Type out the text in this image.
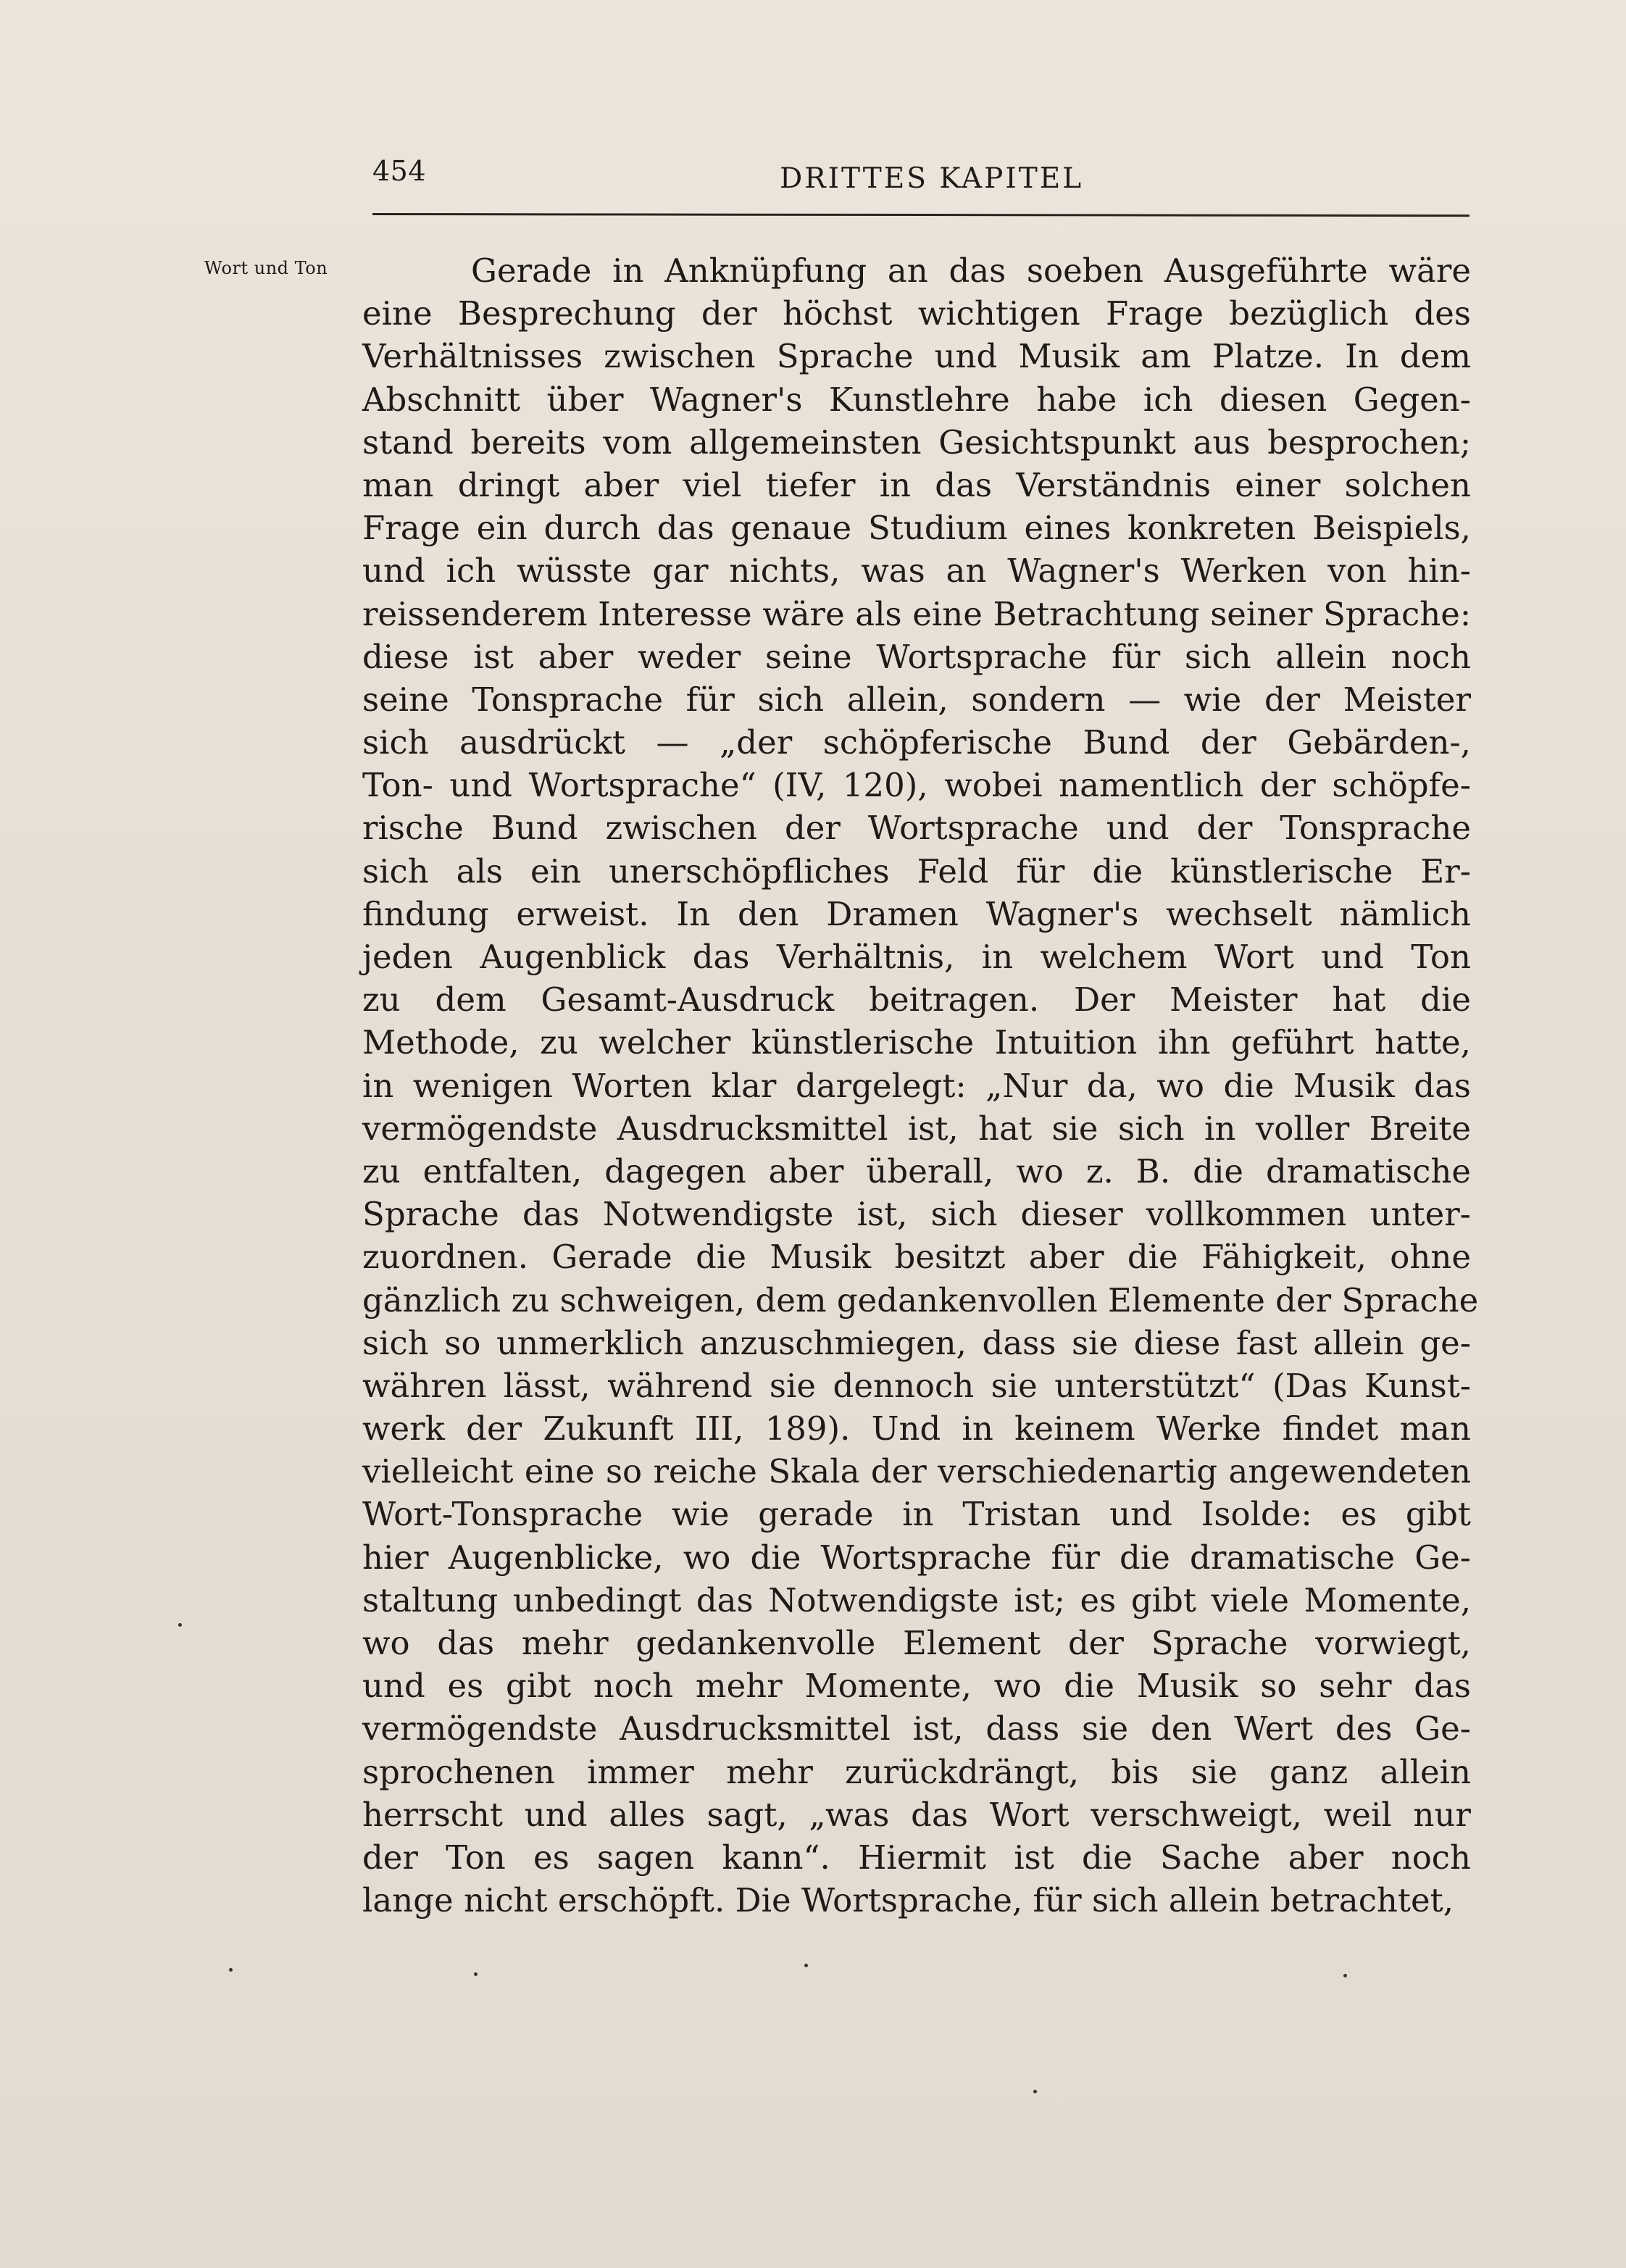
454	DRITTES KAPITEL
Wort und Ton	Gerade in Anknüpfung an das soeben Ausgeführte wäre
eine Besprechung der höchst wichtigen Frage bezüglich des
Verhältnisses zwischen Sprache und Musik am Platze. In dem
Abschnitt über Wagner's Kunstlehre habe ich diesen Gegen-
stand bereits vom allgemeinsten Gesichtspunkt aus besprochen;
man dringt aber viel tiefer in das Verständnis einer solchen
Frage ein durch das genaue Studium eines konkreten Beispiels,
und ich wüsste gar nichts, was an Wagner's Werken von hin-
reissenderem Interesse wäre als eine Betrachtung seiner Sprache:
diese ist aber weder seine Wortsprache für sich allein noch
seine Tonsprache für sich allein, sondern — wie der Meister
sich ausdrückt — „der schöpferische Bund der Gebärden-,
Ton- und Wortsprache“ (IV, 120), wobei namentlich der schöpfe-
rische Bund zwischen der Wortsprache und der Tonsprache
sich als ein unerschöpfliches Feld für die künstlerische Er-
findung erweist. In den Dramen Wagner's wechselt nämlich
jeden Augenblick das Verhältnis, in welchem Wort und Ton
zu dem Gesamt-Ausdruck beitragen. Der Meister hat die
Methode, zu welcher künstlerische Intuition ihn geführt hatte,
in wenigen Worten klar dargelegt: „Nur da, wo die Musik das
vermögendste Ausdrucksmittel ist, hat sie sich in voller Breite
zu entfalten, dagegen aber überall, wo z. B. die dramatische
Sprache das Notwendigste ist, sich dieser vollkommen unter-
zuordnen. Gerade die Musik besitzt aber die Fähigkeit, ohne
gänzlich zu schweigen, dem gedankenvollen Elemente der Sprache
sich so unmerklich anzuschmiegen, dass sie diese fast allein ge-
währen lässt, während sie dennoch sie unterstützt“ (Das Kunst-
werk der Zukunft III, 189). Und in keinem Werke findet man
vielleicht eine so reiche Skala der verschiedenartig angewendeten
Wort-Tonsprache wie gerade in Tristan und Isolde: es gibt
hier Augenblicke, wo die Wortsprache für die dramatische Ge-
staltung unbedingt das Notwendigste ist; es gibt viele Momente,
wo das mehr gedankenvolle Element der Sprache vorwiegt,
und es gibt noch mehr Momente, wo die Musik so sehr das
vermögendste Ausdrucksmittel ist, dass sie den Wert des Ge-
sprochenen immer mehr zurückdrängt, bis sie ganz allein
herrscht und alles sagt, „was das Wort verschweigt, weil nur
der Ton es sagen kann“. Hiermit ist die Sache aber noch
lange nicht erschöpft. Die Wortsprache, für sich allein betrachtet,
